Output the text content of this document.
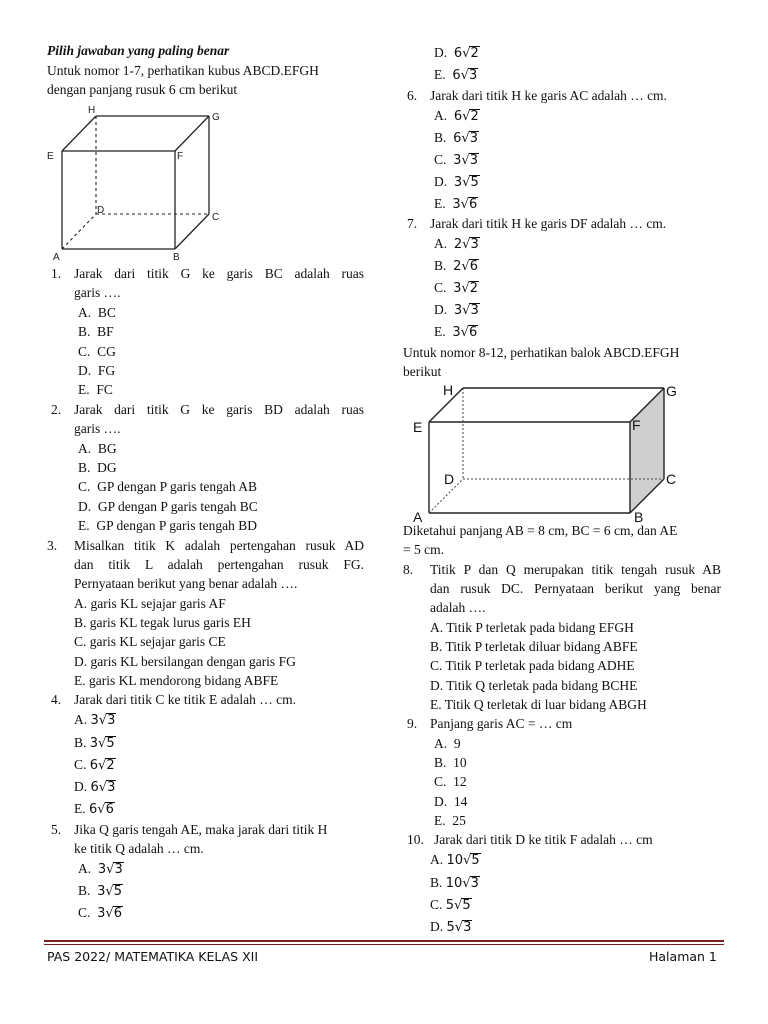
Pilih jawaban yang paling benar
Untuk nomor 1-7, perhatikan kubus ABCD.EFGH
dengan panjang rusuk 6 cm berikut
H
G
E	F
D
C
A	B
1. Jarak dari titik G ke garis BC adalah ruas
garis ….
A. BC
B. BF
C. CG
D. FG
E. FC
2. Jarak dari titik G ke garis BD adalah ruas
garis ….
A. BG
B. DG
C. GP dengan P garis tengah AB
D. GP dengan P garis tengah BC
E. GP dengan P garis tengah BD
3. Misalkan titik K adalah pertengahan rusuk AD
dan titik L adalah pertengahan rusuk FG.
Pernyataan berikut yang benar adalah ….
A. garis KL sejajar garis AF
B. garis KL tegak lurus garis EH
C. garis KL sejajar garis CE
D. garis KL bersilangan dengan garis FG
E. garis KL mendorong bidang ABFE
4. Jarak dari titik C ke titik E adalah … cm.
A. 3√3
B. 3√5
C. 6√2
D. 6√3
E. 6√6
5. Jika Q garis tengah AE, maka jarak dari titik H
ke titik Q adalah … cm.
A. 3√3
B. 3√5
C. 3√6
D. 6√2
E. 6√3
6. Jarak dari titik H ke garis AC adalah … cm.
A. 6√2
B. 6√3
C. 3√3
D. 3√5
E. 3√6
7. Jarak dari titik H ke garis DF adalah … cm.
A. 2√3
B. 2√6
C. 3√2
D. 3√3
E. 3√6
Untuk nomor 8-12, perhatikan balok ABCD.EFGH
berikut
H	G
E	F
D	C
A	B
Diketahui panjang AB = 8 cm, BC = 6 cm, dan AE
= 5 cm.
8. Titik P dan Q merupakan titik tengah rusuk AB
dan rusuk DC. Pernyataan berikut yang benar
adalah ….
A. Titik P terletak pada bidang EFGH
B. Titik P terletak diluar bidang ABFE
C. Titik P terletak pada bidang ADHE
D. Titik Q terletak pada bidang BCHE
E. Titik Q terletak di luar bidang ABGH
9. Panjang garis AC = … cm
A. 9
B. 10
C. 12
D. 14
E. 25
10. Jarak dari titik D ke titik F adalah … cm
A. 10√5
B. 10√3
C. 5√5
D. 5√3
PAS 2022/ MATEMATIKA KELAS XII	Halaman 1
